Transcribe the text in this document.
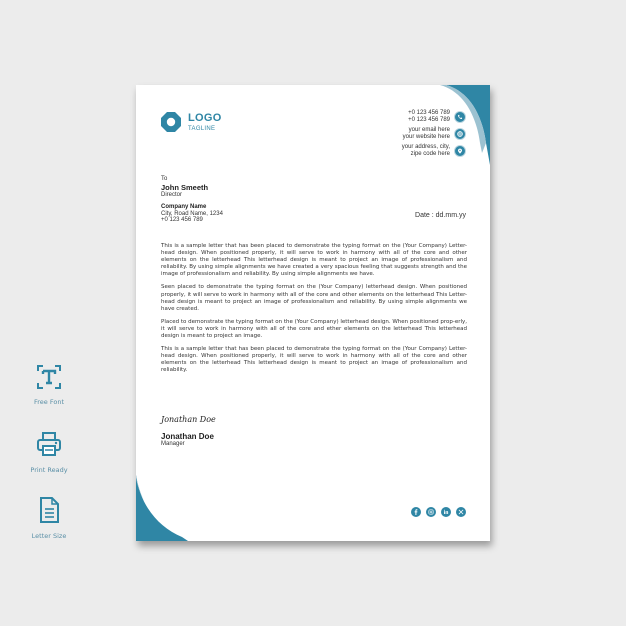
Free Font
Print Ready
Letter Size
LOGO
TAGLINE
+0 123 456 789
+0 123 456 789
your email here
your website here
your address, city,
zipe code here
To
John Smeeth
Director
Company Name
City, Road Name, 1234
+0 123 456 789
Date : dd.mm.yy

This is a sample letter that has been placed to demonstrate the typing format on the (Your Company) Letter-head design. When positioned properly, it will serve to work in harmony with all of the core and other elements on the letterhead This letterhead design is meant to project an image of professionalism and reliability. By using simple alignments we have created a very spacious feeling that suggests strength and the image of professionalism and reliability. By using simple alignments we have.

Seen placed to demonstrate the typing format on the (Your Company) letterhead design. When positioned properly, it will serve to work in harmony with all of the core and other elements on the letterhead This Letter-head design is meant to project an image of professionalism and reliability. By using simple alignments we have created.

Placed to demonstrate the typing format on the (Your Company) letterhead design. When positioned prop-erly, it will serve to work in harmony with all of the core and ether elements on the letterhead This letterhead design is meant to project an image.

This is a sample letter that has been placed to demonstrate the typing format on the (Your Company) Letter-head design. When positioned properly, it will serve to work in harmony with all of the core and other elements on the letterhead This letterhead design is meant to project an image of professionalism and reliability.

Jonathan Doe
Jonathan Doe
Manager
